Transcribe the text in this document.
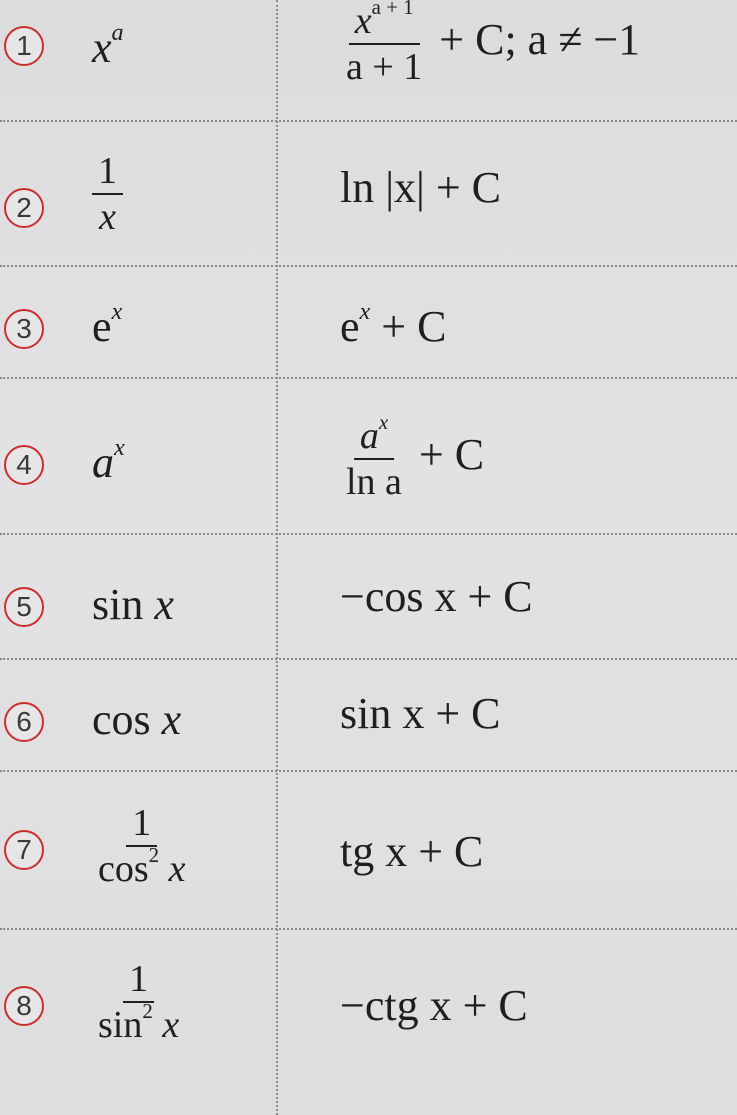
1 $x^a$	$\frac{x^{a + 1}}{a + 1} + C$; a ≠ −1
2	$\frac{1}{x}$	ln |x| + C
3 $e^x$	$e^x + C$
4 $a^x$	$\frac{a^x}{\text{ln a}} + C$
5 sin x	−cos x + C
6 cos x	sin x + C
7	$\frac{1}{\cos^2 x}$	tg x + C
8	$\frac{1}{\sin^2 x}$	−ctg x + C
